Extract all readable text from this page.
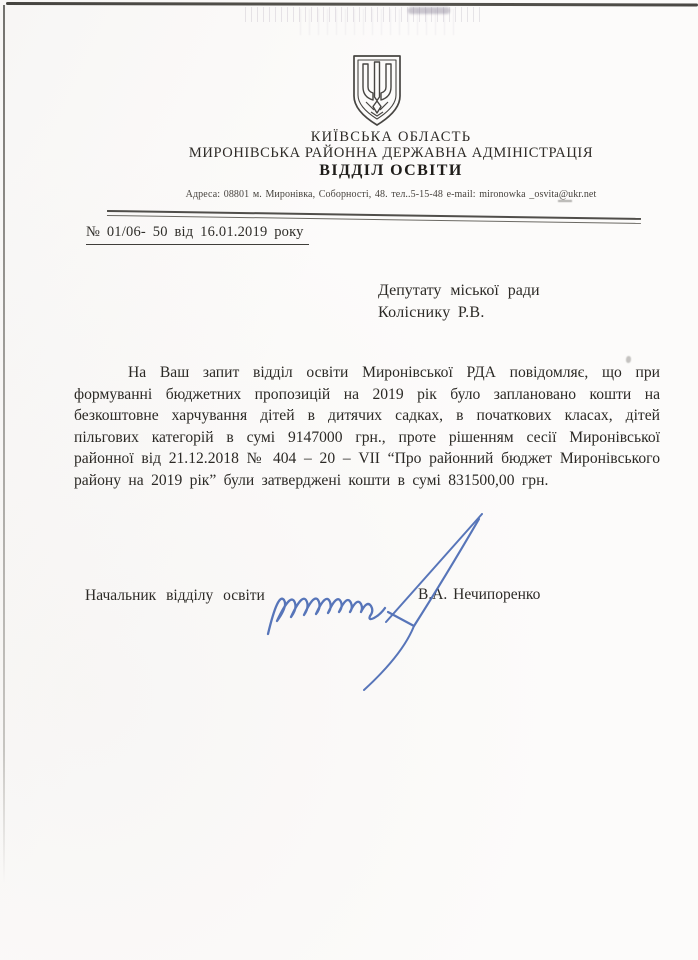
КИЇВСЬКА ОБЛАСТЬ
МИРОНІВСЬКА РАЙОННА ДЕРЖАВНА АДМІНІСТРАЦІЯ
ВІДДІЛ ОСВІТИ
Адреса: 08801 м. Миронівка, Соборності, 48. тел..5-15-48 e-mail: mironowka _osvita@ukr.net
№ 01/06- 50 від 16.01.2019 року
Депутату міської ради
Коліснику Р.В.
На Ваш запит відділ освіти Миронівської РДА повідомляє, що при
формуванні бюджетних пропозицій на 2019 рік було заплановано кошти на
безкоштовне харчування дітей в дитячих садках, в початкових класах, дітей
пільгових категорій в сумі 9147000 грн., проте рішенням сесії Миронівської
районної від 21.12.2018 № 404 – 20 – VII “Про районний бюджет Миронівського
району на 2019 рік” були затверджені кошти в сумі 831500,00 грн.
Начальник відділу освіти	В.А. Нечипоренко
